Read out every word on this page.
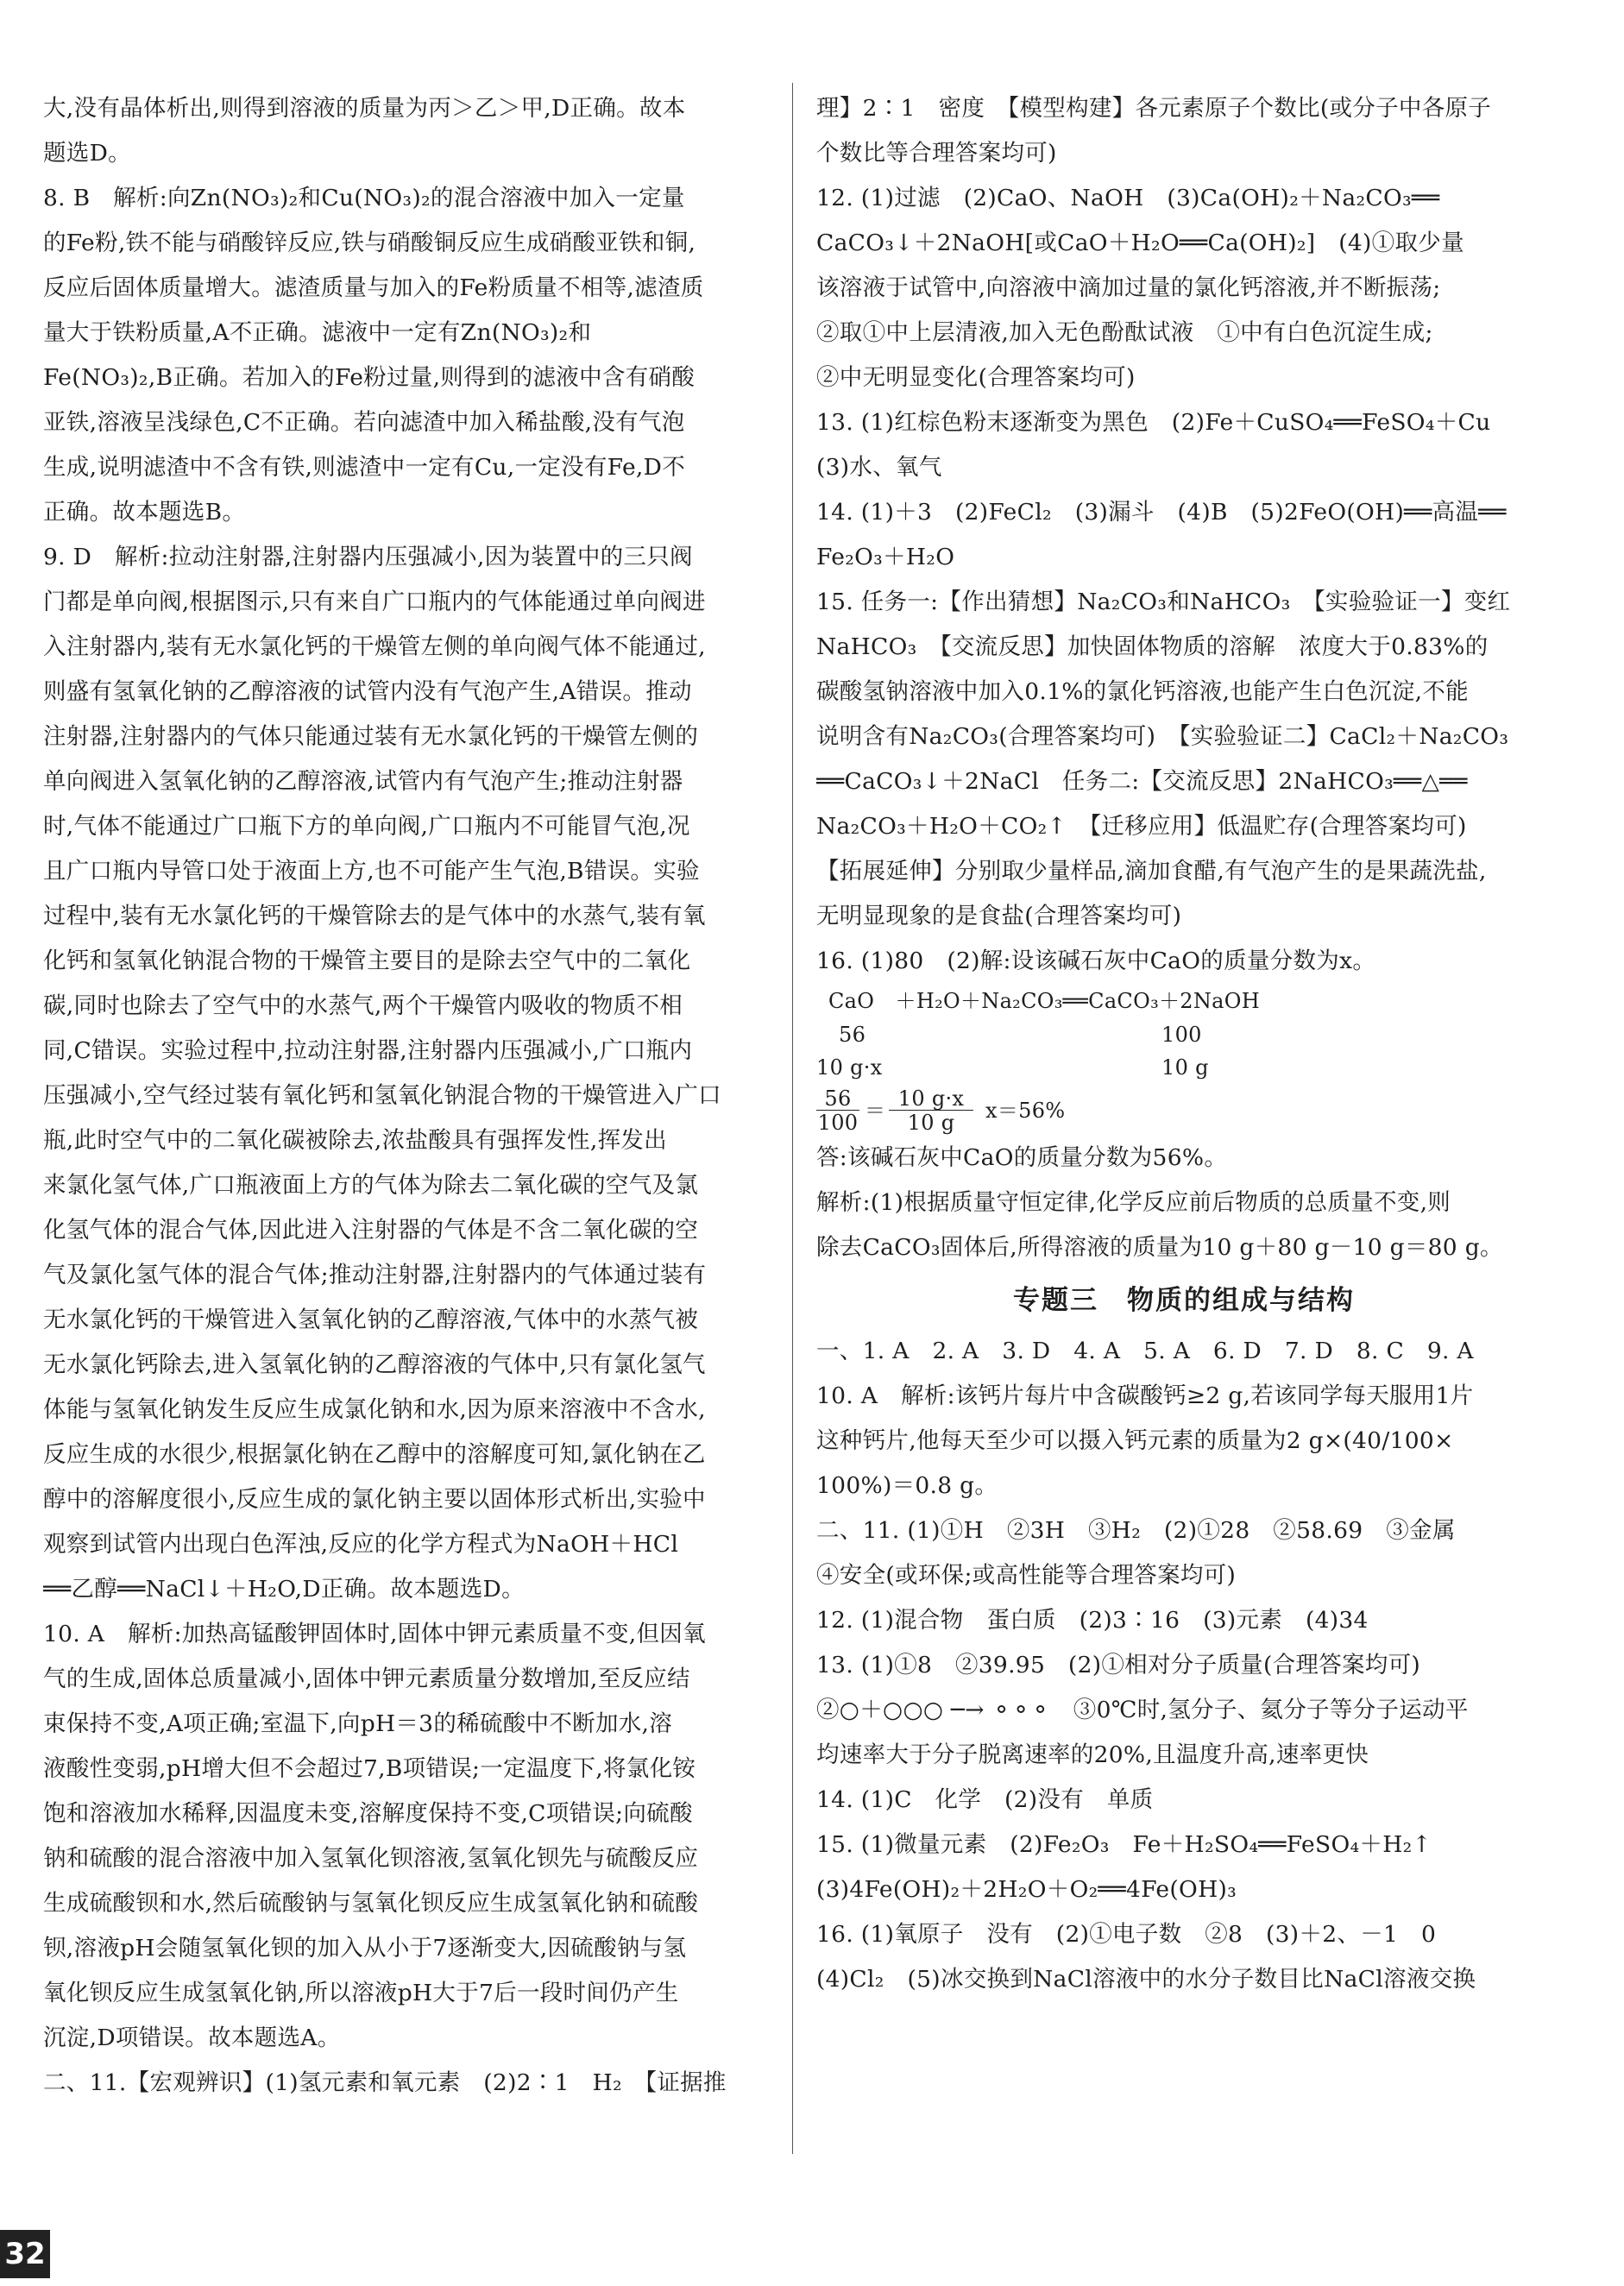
大,没有晶体析出,则得到溶液的质量为丙＞乙＞甲,D正确。故本
题选D。
8. B　解析:向Zn(NO₃)₂和Cu(NO₃)₂的混合溶液中加入一定量
的Fe粉,铁不能与硝酸锌反应,铁与硝酸铜反应生成硝酸亚铁和铜,
反应后固体质量增大。滤渣质量与加入的Fe粉质量不相等,滤渣质
量大于铁粉质量,A不正确。滤液中一定有Zn(NO₃)₂和
Fe(NO₃)₂,B正确。若加入的Fe粉过量,则得到的滤液中含有硝酸
亚铁,溶液呈浅绿色,C不正确。若向滤渣中加入稀盐酸,没有气泡
生成,说明滤渣中不含有铁,则滤渣中一定有Cu,一定没有Fe,D不
正确。故本题选B。
9. D　解析:拉动注射器,注射器内压强减小,因为装置中的三只阀
门都是单向阀,根据图示,只有来自广口瓶内的气体能通过单向阀进
入注射器内,装有无水氯化钙的干燥管左侧的单向阀气体不能通过,
则盛有氢氧化钠的乙醇溶液的试管内没有气泡产生,A错误。推动
注射器,注射器内的气体只能通过装有无水氯化钙的干燥管左侧的
单向阀进入氢氧化钠的乙醇溶液,试管内有气泡产生;推动注射器
时,气体不能通过广口瓶下方的单向阀,广口瓶内不可能冒气泡,况
且广口瓶内导管口处于液面上方,也不可能产生气泡,B错误。实验
过程中,装有无水氯化钙的干燥管除去的是气体中的水蒸气,装有氧
化钙和氢氧化钠混合物的干燥管主要目的是除去空气中的二氧化
碳,同时也除去了空气中的水蒸气,两个干燥管内吸收的物质不相
同,C错误。实验过程中,拉动注射器,注射器内压强减小,广口瓶内
压强减小,空气经过装有氧化钙和氢氧化钠混合物的干燥管进入广口
瓶,此时空气中的二氧化碳被除去,浓盐酸具有强挥发性,挥发出
来氯化氢气体,广口瓶液面上方的气体为除去二氧化碳的空气及氯
化氢气体的混合气体,因此进入注射器的气体是不含二氧化碳的空
气及氯化氢气体的混合气体;推动注射器,注射器内的气体通过装有
无水氯化钙的干燥管进入氢氧化钠的乙醇溶液,气体中的水蒸气被
无水氯化钙除去,进入氢氧化钠的乙醇溶液的气体中,只有氯化氢气
体能与氢氧化钠发生反应生成氯化钠和水,因为原来溶液中不含水,
反应生成的水很少,根据氯化钠在乙醇中的溶解度可知,氯化钠在乙
醇中的溶解度很小,反应生成的氯化钠主要以固体形式析出,实验中
观察到试管内出现白色浑浊,反应的化学方程式为NaOH＋HCl
══乙醇══NaCl↓＋H₂O,D正确。故本题选D。
10. A　解析:加热高锰酸钾固体时,固体中钾元素质量不变,但因氧
气的生成,固体总质量减小,固体中钾元素质量分数增加,至反应结
束保持不变,A项正确;室温下,向pH＝3的稀硫酸中不断加水,溶
液酸性变弱,pH增大但不会超过7,B项错误;一定温度下,将氯化铵
饱和溶液加水稀释,因温度未变,溶解度保持不变,C项错误;向硫酸
钠和硫酸的混合溶液中加入氢氧化钡溶液,氢氧化钡先与硫酸反应
生成硫酸钡和水,然后硫酸钠与氢氧化钡反应生成氢氧化钠和硫酸
钡,溶液pH会随氢氧化钡的加入从小于7逐渐变大,因硫酸钠与氢
氧化钡反应生成氢氧化钠,所以溶液pH大于7后一段时间仍产生
沉淀,D项错误。故本题选A。
二、11.【宏观辨识】(1)氢元素和氧元素　(2)2∶1　H₂　【证据推
理】2∶1　密度　【模型构建】各元素原子个数比(或分子中各原子
个数比等合理答案均可)
12. (1)过滤　(2)CaO、NaOH　(3)Ca(OH)₂＋Na₂CO₃══
CaCO₃↓＋2NaOH[或CaO＋H₂O══Ca(OH)₂]　(4)①取少量
该溶液于试管中,向溶液中滴加过量的氯化钙溶液,并不断振荡;
②取①中上层清液,加入无色酚酞试液　①中有白色沉淀生成;
②中无明显变化(合理答案均可)
13. (1)红棕色粉末逐渐变为黑色　(2)Fe＋CuSO₄══FeSO₄＋Cu
(3)水、氧气
14. (1)＋3　(2)FeCl₂　(3)漏斗　(4)B　(5)2FeO(OH)══高温══
Fe₂O₃＋H₂O
15. 任务一:【作出猜想】Na₂CO₃和NaHCO₃　【实验验证一】变红
NaHCO₃　【交流反思】加快固体物质的溶解　浓度大于0.83%的
碳酸氢钠溶液中加入0.1%的氯化钙溶液,也能产生白色沉淀,不能
说明含有Na₂CO₃(合理答案均可)　【实验验证二】CaCl₂＋Na₂CO₃
══CaCO₃↓＋2NaCl　任务二:【交流反思】2NaHCO₃══△══
Na₂CO₃＋H₂O＋CO₂↑　【迁移应用】低温贮存(合理答案均可)
【拓展延伸】分别取少量样品,滴加食醋,有气泡产生的是果蔬洗盐,
无明显现象的是食盐(合理答案均可)
16. (1)80　(2)解:设该碱石灰中CaO的质量分数为x。
CaO　＋H₂O＋Na₂CO₃══CaCO₃＋2NaOH
56	100
10 g·x	10 g
56
100 ＝ 10 g·x
10 g	x＝56%
答:该碱石灰中CaO的质量分数为56%。
解析:(1)根据质量守恒定律,化学反应前后物质的总质量不变,则
除去CaCO₃固体后,所得溶液的质量为10 g＋80 g－10 g＝80 g。
专题三　物质的组成与结构
一、1. A　2. A　3. D　4. A　5. A　6. D　7. D　8. C　9. A
10. A　解析:该钙片每片中含碳酸钙≥2 g,若该同学每天服用1片
这种钙片,他每天至少可以摄入钙元素的质量为2 g×(40/100×
100%)＝0.8 g。
二、11. (1)①H　②3H　③H₂　(2)①28　②58.69　③金属
④安全(或环保;或高性能等合理答案均可)
12. (1)混合物　蛋白质　(2)3∶16　(3)元素　(4)34
13. (1)①8　②39.95　(2)①相对分子质量(合理答案均可)
②○＋○○○ ─→ ⚬⚬⚬　③0℃时,氢分子、氦分子等分子运动平
均速率大于分子脱离速率的20%,且温度升高,速率更快
14. (1)C　化学　(2)没有　单质
15. (1)微量元素　(2)Fe₂O₃　Fe＋H₂SO₄══FeSO₄＋H₂↑
(3)4Fe(OH)₂＋2H₂O＋O₂══4Fe(OH)₃
16. (1)氧原子　没有　(2)①电子数　②8　(3)＋2、－1　0
(4)Cl₂　(5)冰交换到NaCl溶液中的水分子数目比NaCl溶液交换
32
